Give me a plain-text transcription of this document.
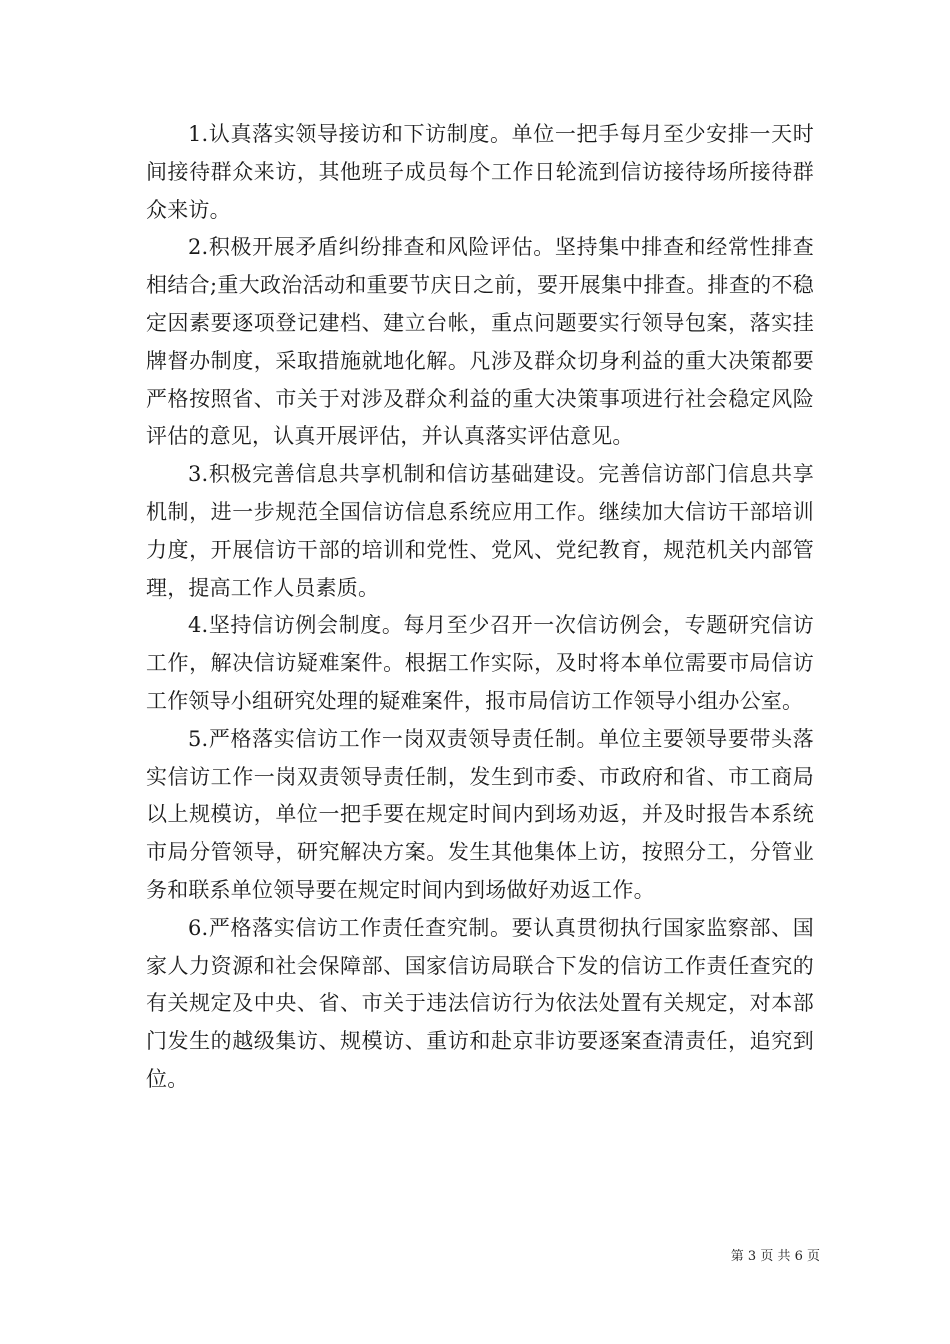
1.认真落实领导接访和下访制度。单位一把手每月至少安排一天时间接待群众来访，其他班子成员每个工作日轮流到信访接待场所接待群众来访。

2.积极开展矛盾纠纷排查和风险评估。坚持集中排查和经常性排查相结合;重大政治活动和重要节庆日之前，要开展集中排查。排查的不稳定因素要逐项登记建档、建立台帐，重点问题要实行领导包案，落实挂牌督办制度，采取措施就地化解。凡涉及群众切身利益的重大决策都要严格按照省、市关于对涉及群众利益的重大决策事项进行社会稳定风险评估的意见，认真开展评估，并认真落实评估意见。

3.积极完善信息共享机制和信访基础建设。完善信访部门信息共享机制，进一步规范全国信访信息系统应用工作。继续加大信访干部培训力度，开展信访干部的培训和党性、党风、党纪教育，规范机关内部管理，提高工作人员素质。

4.坚持信访例会制度。每月至少召开一次信访例会，专题研究信访工作，解决信访疑难案件。根据工作实际，及时将本单位需要市局信访工作领导小组研究处理的疑难案件，报市局信访工作领导小组办公室。

5.严格落实信访工作一岗双责领导责任制。单位主要领导要带头落实信访工作一岗双责领导责任制，发生到市委、市政府和省、市工商局以上规模访，单位一把手要在规定时间内到场劝返，并及时报告本系统市局分管领导，研究解决方案。发生其他集体上访，按照分工，分管业务和联系单位领导要在规定时间内到场做好劝返工作。

6.严格落实信访工作责任查究制。要认真贯彻执行国家监察部、国家人力资源和社会保障部、国家信访局联合下发的信访工作责任查究的有关规定及中央、省、市关于违法信访行为依法处置有关规定，对本部门发生的越级集访、规模访、重访和赴京非访要逐案查清责任，追究到位。

第 3 页 共 6 页
